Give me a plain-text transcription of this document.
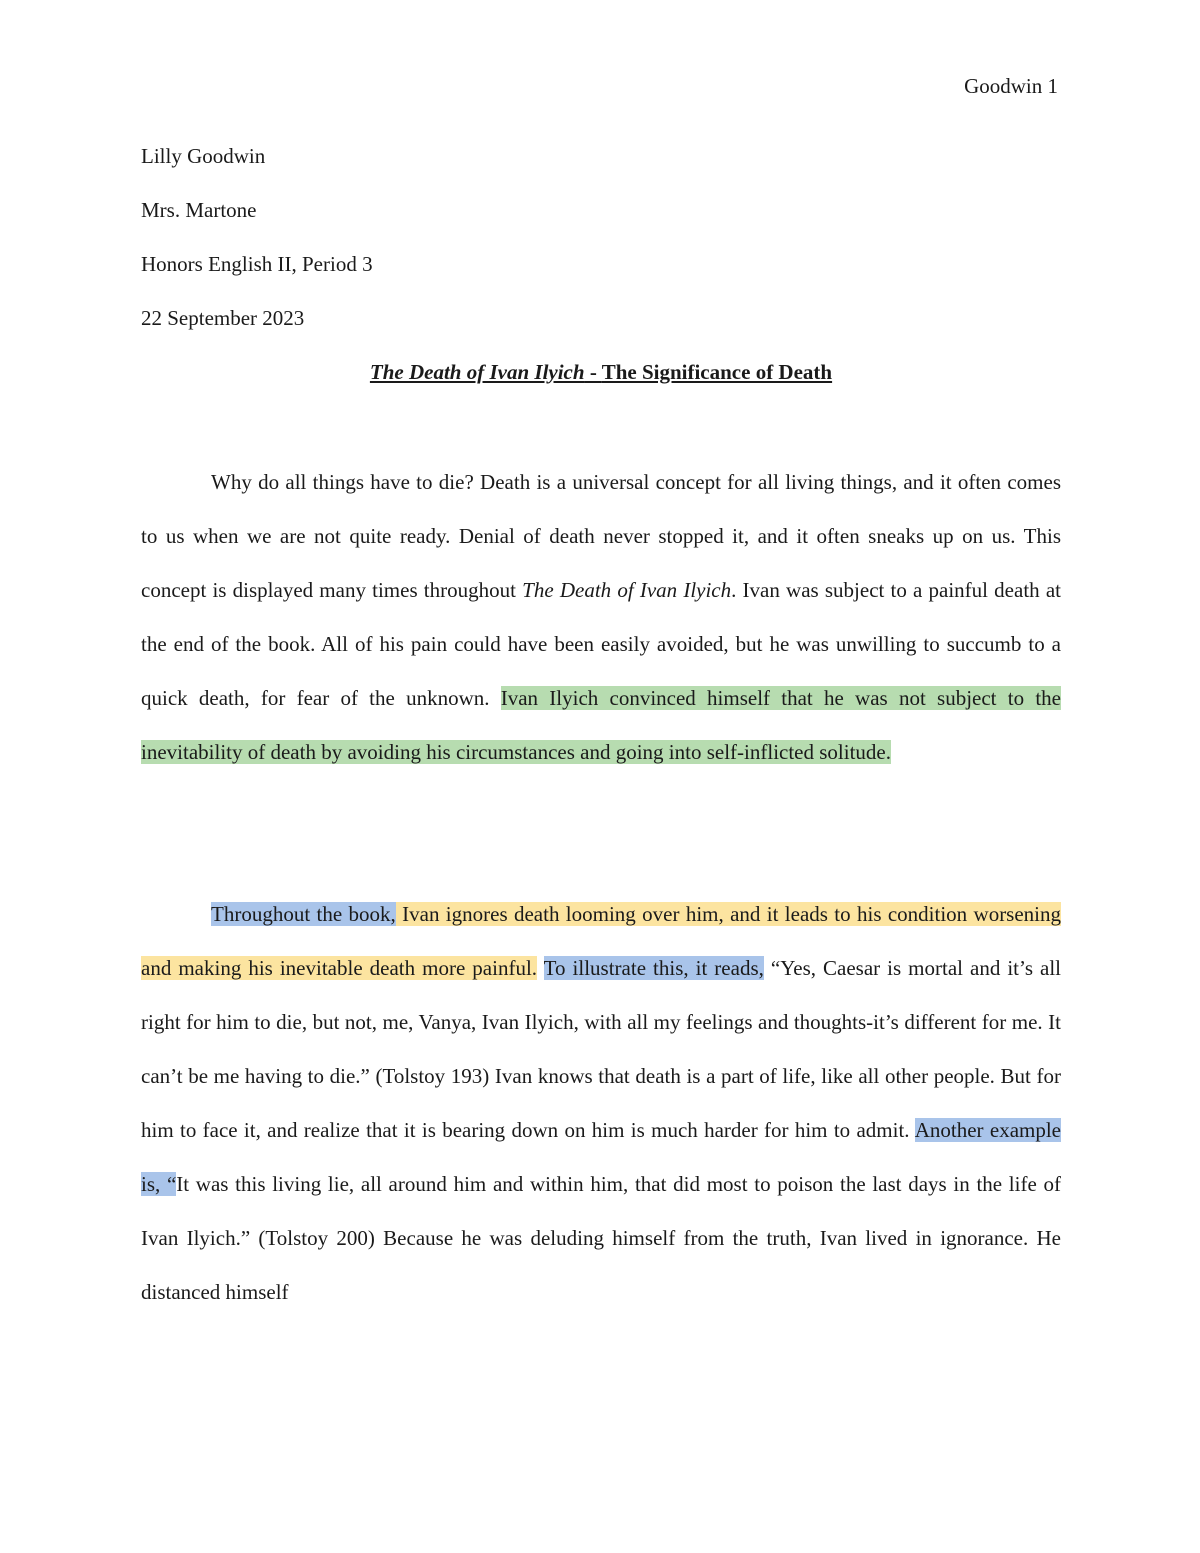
Goodwin 1

Lilly Goodwin

Mrs. Martone

Honors English II, Period 3

22 September 2023

The Death of Ivan Ilyich - The Significance of Death

Why do all things have to die? Death is a universal concept for all living things, and it often comes to us when we are not quite ready. Denial of death never stopped it, and it often sneaks up on us. This concept is displayed many times throughout The Death of Ivan Ilyich. Ivan was subject to a painful death at the end of the book. All of his pain could have been easily avoided, but he was unwilling to succumb to a quick death, for fear of the unknown. Ivan Ilyich convinced himself that he was not subject to the inevitability of death by avoiding his circumstances and going into self-inflicted solitude.

Throughout the book, Ivan ignores death looming over him, and it leads to his condition worsening and making his inevitable death more painful. To illustrate this, it reads, “Yes, Caesar is mortal and it’s all right for him to die, but not, me, Vanya, Ivan Ilyich, with all my feelings and thoughts-it’s different for me. It can’t be me having to die.” (Tolstoy 193) Ivan knows that death is a part of life, like all other people. But for him to face it, and realize that it is bearing down on him is much harder for him to admit. Another example is, “It was this living lie, all around him and within him, that did most to poison the last days in the life of Ivan Ilyich.” (Tolstoy 200) Because he was deluding himself from the truth, Ivan lived in ignorance. He distanced himself
